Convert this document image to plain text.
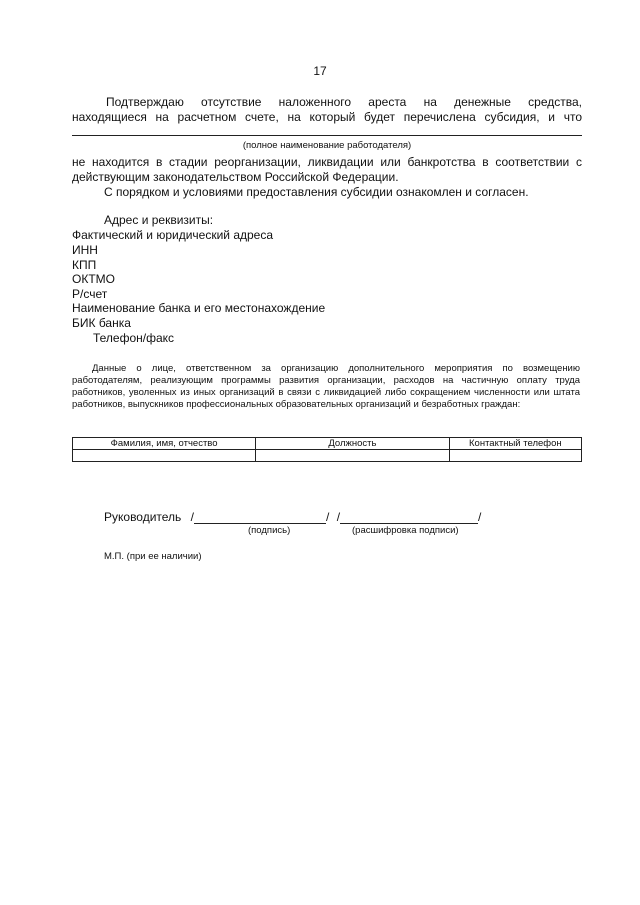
17
Подтверждаю отсутствие наложенного ареста на денежные средства,
находящиеся на расчетном счете, на который будет перечислена субсидия, и что
(полное наименование работодателя)
не находится в стадии реорганизации, ликвидации или банкротства в соответствии с
действующим законодательством Российской Федерации.
С порядком и условиями предоставления субсидии ознакомлен и согласен.
Адрес и реквизиты:
Фактический и юридический адреса
ИНН
КПП
ОКТМО
Р/счет
Наименование банка и его местонахождение
БИК банка
Телефон/факс
Данные о лице, ответственном за организацию дополнительного мероприятия по возмещению работодателям, реализующим программы развития организации, расходов на частичную оплату труда работников, уволенных из иных организаций в связи с ликвидацией либо сокращением численности или штата работников, выпускников профессиональных образовательных организаций и безработных граждан:
Фамилия, имя, отчество	Должность	Контактный телефон

Руководитель /	/ /	/
(подпись)	(расшифровка подписи)
М.П. (при ее наличии)
